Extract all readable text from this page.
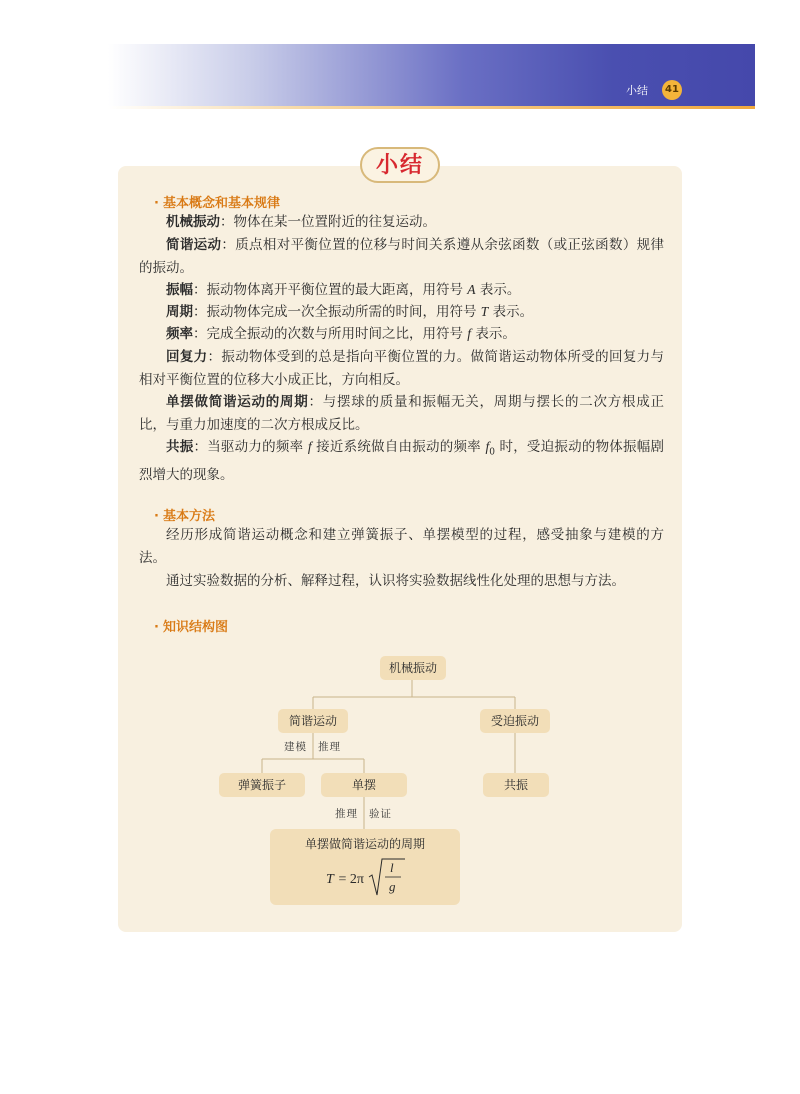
小结	41
小结
· 基本概念和基本规律

机械振动：物体在某一位置附近的往复运动。

简谐运动：质点相对平衡位置的位移与时间关系遵从余弦函数（或正弦函数）规律的振动。

振幅：振动物体离开平衡位置的最大距离，用符号 A 表示。

周期：振动物体完成一次全振动所需的时间，用符号 T 表示。

频率：完成全振动的次数与所用时间之比，用符号 f 表示。

回复力：振动物体受到的总是指向平衡位置的力。做简谐运动物体所受的回复力与相对平衡位置的位移大小成正比，方向相反。

单摆做简谐运动的周期：与摆球的质量和振幅无关，周期与摆长的二次方根成正比，与重力加速度的二次方根成反比。

共振：当驱动力的频率 f 接近系统做自由振动的频率 $f_0$ 时，受迫振动的物体振幅剧烈增大的现象。

· 基本方法

经历形成简谐运动概念和建立弹簧振子、单摆模型的过程，感受抽象与建模的方法。

通过实验数据的分析、解释过程，认识将实验数据线性化处理的思想与方法。

· 知识结构图
机械振动
简谐运动	受迫振动
弹簧振子	单摆	共振
建模 推理
推理 验证
单摆做简谐运动的周期
T = 2π
l
g
